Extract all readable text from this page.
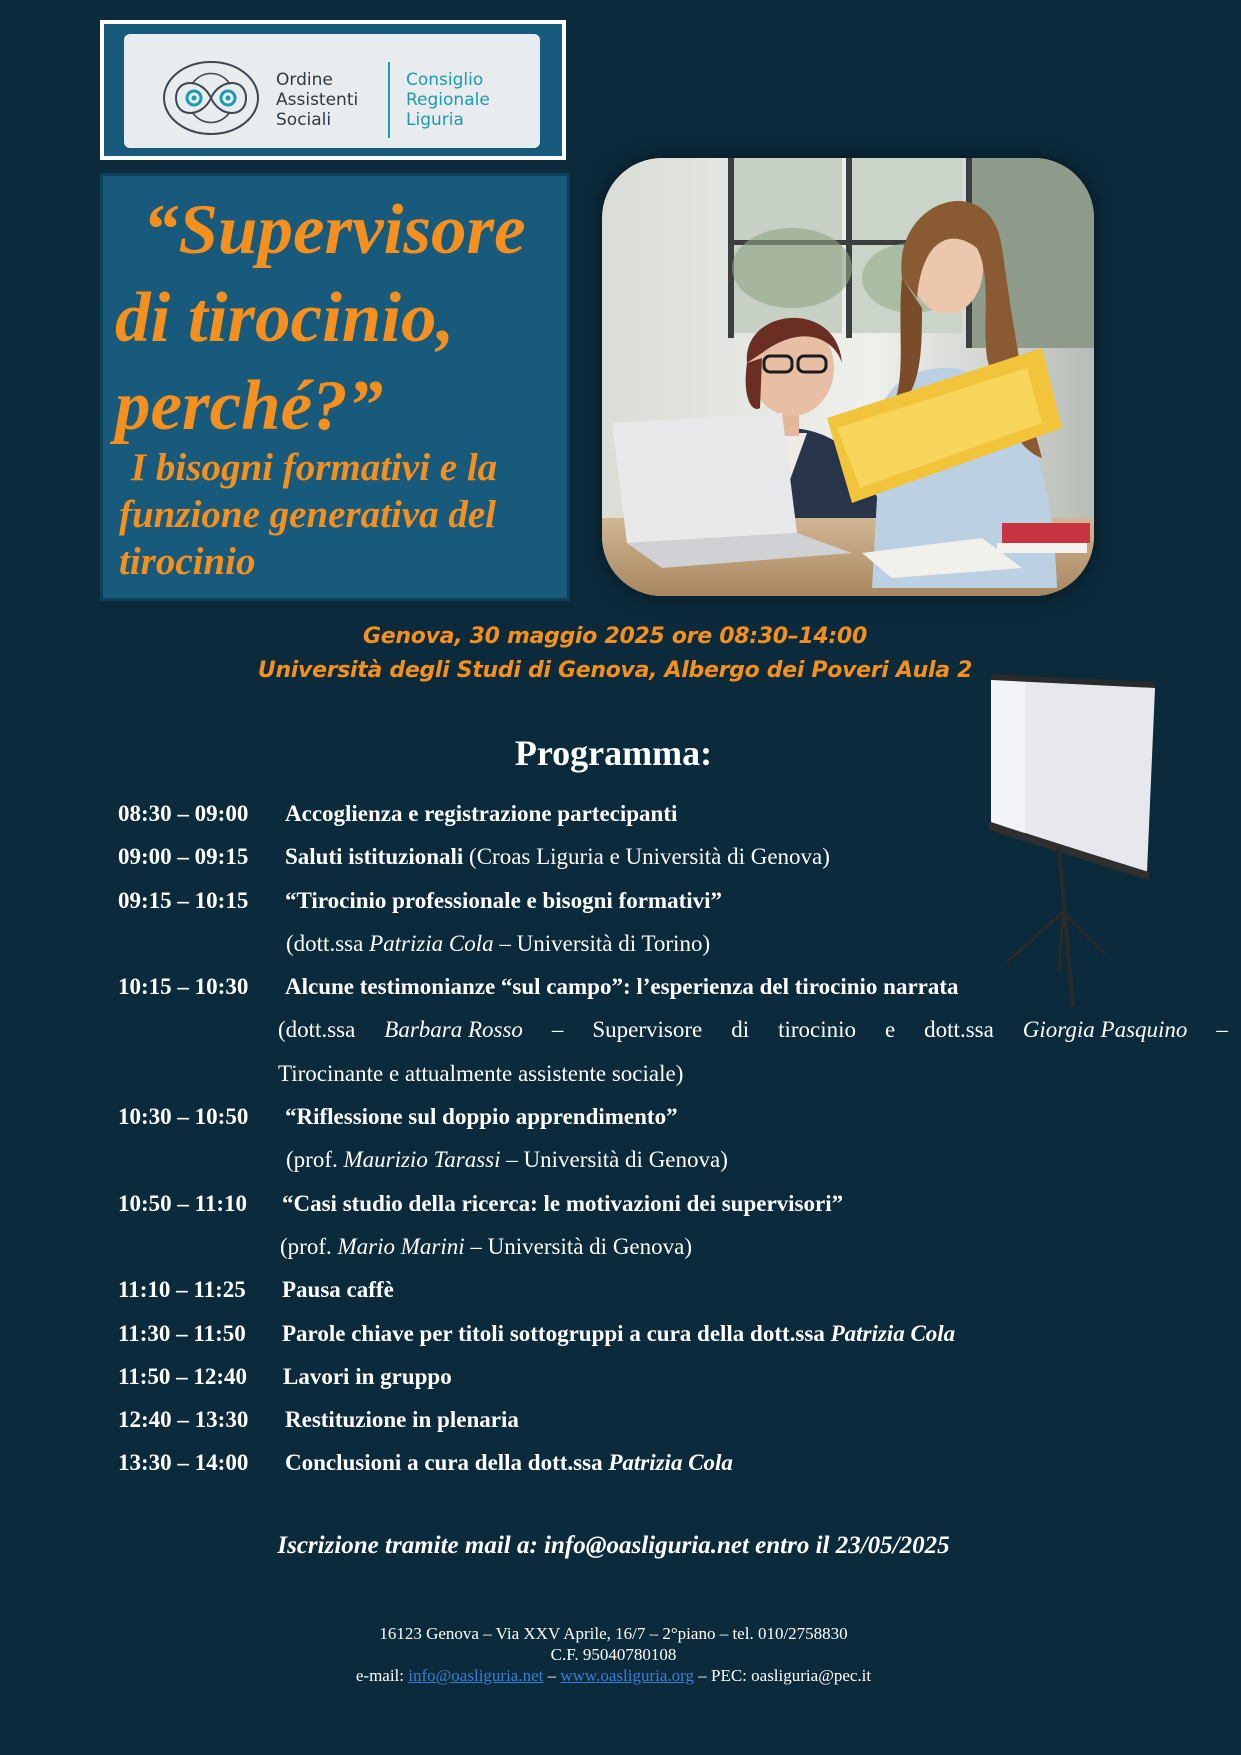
Ordine
Assistenti
Sociali
Consiglio
Regionale
Liguria
“Supervisore
di tirocinio,
perché?”
I bisogni formativi e la
funzione generativa del
tirocinio
Genova, 30 maggio 2025 ore 08:30–14:00
Università degli Studi di Genova, Albergo dei Poveri Aula 2
Programma:
08:30 – 09:00 Accoglienza e registrazione partecipanti
09:00 – 09:15 Saluti istituzionali (Croas Liguria e Università di Genova)
09:15 – 10:15 “Tirocinio professionale e bisogni formativi”
(dott.ssa Patrizia Cola – Università di Torino)
10:15 – 10:30 Alcune testimonianze “sul campo”: l’esperienza del tirocinio narrata
(dott.ssa Barbara Rosso – Supervisore di tirocinio e dott.ssa Giorgia Pasquino –
Tirocinante e attualmente assistente sociale)
10:30 – 10:50 “Riflessione sul doppio apprendimento”
(prof. Maurizio Tarassi – Università di Genova)
10:50 – 11:10 “Casi studio della ricerca: le motivazioni dei supervisori”
(prof. Mario Marini – Università di Genova)
11:10 – 11:25 Pausa caffè
11:30 – 11:50 Parole chiave per titoli sottogruppi a cura della dott.ssa Patrizia Cola
11:50 – 12:40 Lavori in gruppo
12:40 – 13:30 Restituzione in plenaria
13:30 – 14:00 Conclusioni a cura della dott.ssa Patrizia Cola
Iscrizione tramite mail a: info@oasliguria.net entro il 23/05/2025
16123 Genova – Via XXV Aprile, 16/7 – 2°piano – tel. 010/2758830
C.F. 95040780108
e-mail: info@oasliguria.net – www.oasliguria.org – PEC: oasliguria@pec.it
